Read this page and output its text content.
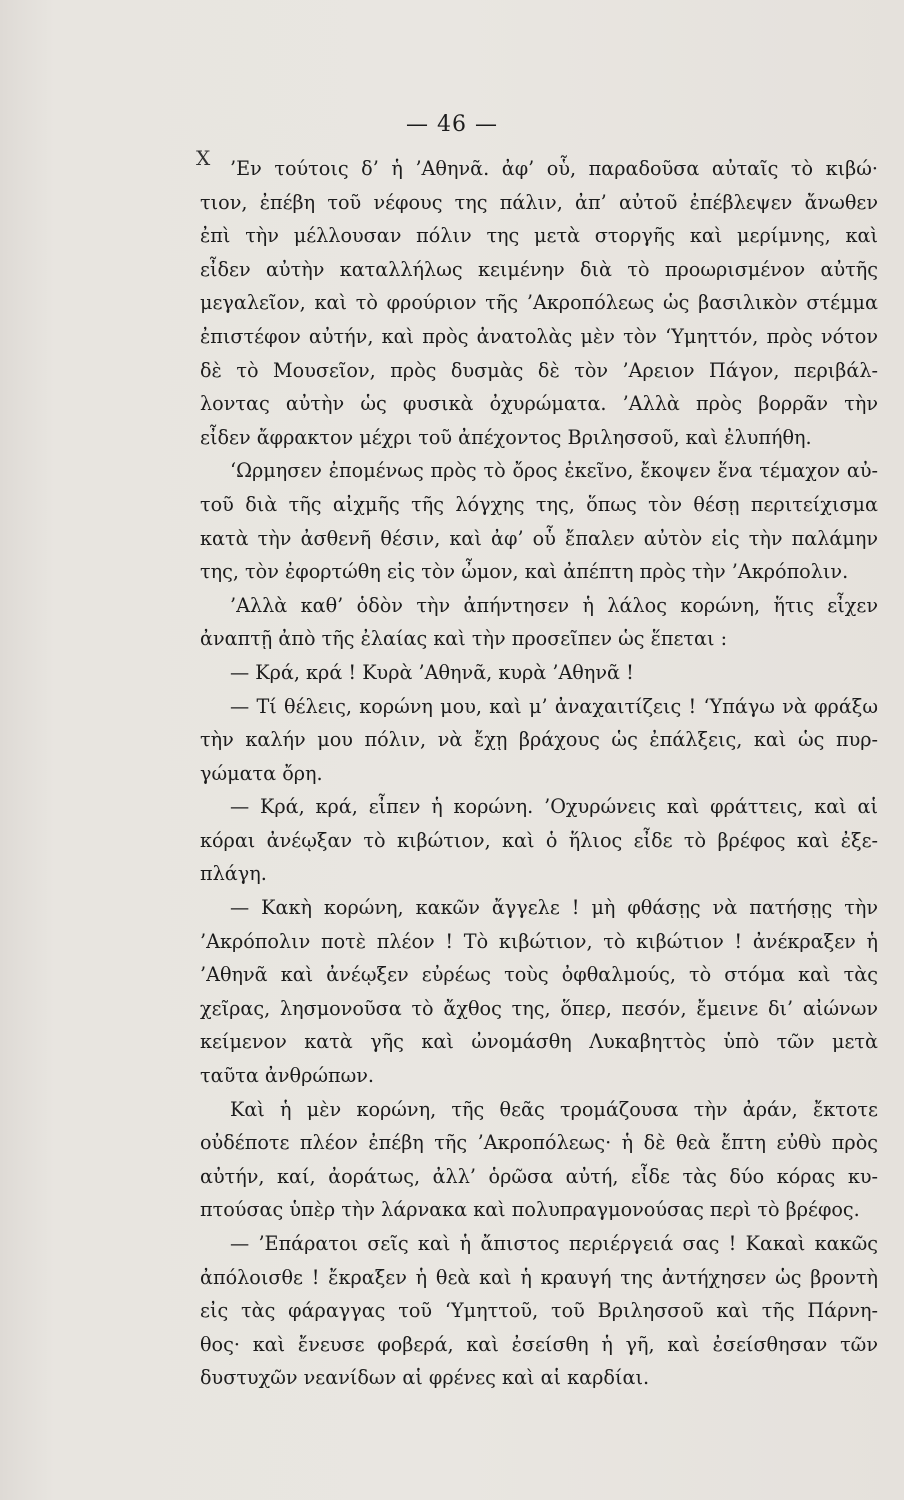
— 46 —
X	’Εν τούτοις δ’ ἡ ’Αθηνᾶ. ἀφ’ οὗ, παραδοῦσα αὐταῖς τὸ κιβώ·
τιον, ἐπέβη τοῦ νέφους της πάλιν, ἀπ’ αὐτοῦ ἐπέβλεψεν ἄνωθεν
ἐπὶ τὴν μέλλουσαν πόλιν της μετὰ στοργῆς καὶ μερίμνης, καὶ
εἶδεν αὐτὴν καταλλήλως κειμένην διὰ τὸ προωρισμένον αὐτῆς
μεγαλεῖον, καὶ τὸ φρούριον τῆς ’Ακροπόλεως ὡς βασιλικὸν στέμμα
ἐπιστέφον αὐτήν, καὶ πρὸς ἀνατολὰς μὲν τὸν ‘Υμηττόν, πρὸς νότον
δὲ τὸ Μουσεῖον, πρὸς δυσμὰς δὲ τὸν ’Αρειον Πάγον, περιβάλ-
λοντας αὐτὴν ὡς φυσικὰ ὀχυρώματα. ’Αλλὰ πρὸς βορρᾶν τὴν
εἶδεν ἄφρακτον μέχρι τοῦ ἀπέχοντος Βριλησσοῦ, καὶ ἐλυπήθη.
‘Ωρμησεν ἐπομένως πρὸς τὸ ὄρος ἐκεῖνο, ἔκοψεν ἕνα τέμαχον αὐ-
τοῦ διὰ τῆς αἰχμῆς τῆς λόγχης της, ὅπως τὸν θέσῃ περιτείχισμα
κατὰ τὴν ἀσθενῆ θέσιν, καὶ ἀφ’ οὗ ἔπαλεν αὐτὸν εἰς τὴν παλάμην
της, τὸν ἐφορτώθη εἰς τὸν ὦμον, καὶ ἀπέπτη πρὸς τὴν ’Ακρόπολιν.
’Αλλὰ καθ’ ὁδὸν τὴν ἀπήντησεν ἡ λάλος κορώνη, ἥτις εἶχεν
ἀναπτῇ ἀπὸ τῆς ἐλαίας καὶ τὴν προσεῖπεν ὡς ἕπεται :
— Κρά, κρά ! Κυρὰ ’Αθηνᾶ, κυρὰ ’Αθηνᾶ !
— Τί θέλεις, κορώνη μου, καὶ μ’ ἀναχαιτίζεις ! ‘Υπάγω νὰ φράξω
τὴν καλήν μου πόλιν, νὰ ἔχῃ βράχους ὡς ἐπάλξεις, καὶ ὡς πυρ-
γώματα ὄρη.
— Κρά, κρά, εἶπεν ἡ κορώνη. ’Οχυρώνεις καὶ φράττεις, καὶ αἱ
κόραι ἀνέῳξαν τὸ κιβώτιον, καὶ ὁ ἥλιος εἶδε τὸ βρέφος καὶ ἐξε-
πλάγη.
— Κακὴ κορώνη, κακῶν ἄγγελε ! μὴ φθάσῃς νὰ πατήσῃς τὴν
’Ακρόπολιν ποτὲ πλέον ! Τὸ κιβώτιον, τὸ κιβώτιον ! ἀνέκραξεν ἡ
’Αθηνᾶ καὶ ἀνέῳξεν εὐρέως τοὺς ὀφθαλμούς, τὸ στόμα καὶ τὰς
χεῖρας, λησμονοῦσα τὸ ἄχθος της, ὅπερ, πεσόν, ἔμεινε δι’ αἰώνων
κείμενον κατὰ γῆς καὶ ὠνομάσθη Λυκαβηττὸς ὑπὸ τῶν μετὰ
ταῦτα ἀνθρώπων.
Καὶ ἡ μὲν κορώνη, τῆς θεᾶς τρομάζουσα τὴν ἀράν, ἔκτοτε
οὐδέποτε πλέον ἐπέβη τῆς ’Ακροπόλεως· ἡ δὲ θεὰ ἔπτη εὐθὺ πρὸς
αὐτήν, καί, ἀοράτως, ἀλλ’ ὁρῶσα αὐτή, εἶδε τὰς δύο κόρας κυ-
πτούσας ὑπὲρ τὴν λάρνακα καὶ πολυπραγμονούσας περὶ τὸ βρέφος.
— ’Επάρατοι σεῖς καὶ ἡ ἄπιστος περιέργειά σας ! Κακαὶ κακῶς
ἀπόλοισθε ! ἔκραξεν ἡ θεὰ καὶ ἡ κραυγή της ἀντήχησεν ὡς βροντὴ
εἰς τὰς φάραγγας τοῦ ‘Υμηττοῦ, τοῦ Βριλησσοῦ καὶ τῆς Πάρνη-
θος· καὶ ἔνευσε φοβερά, καὶ ἐσείσθη ἡ γῆ, καὶ ἐσείσθησαν τῶν
δυστυχῶν νεανίδων αἱ φρένες καὶ αἱ καρδίαι.
